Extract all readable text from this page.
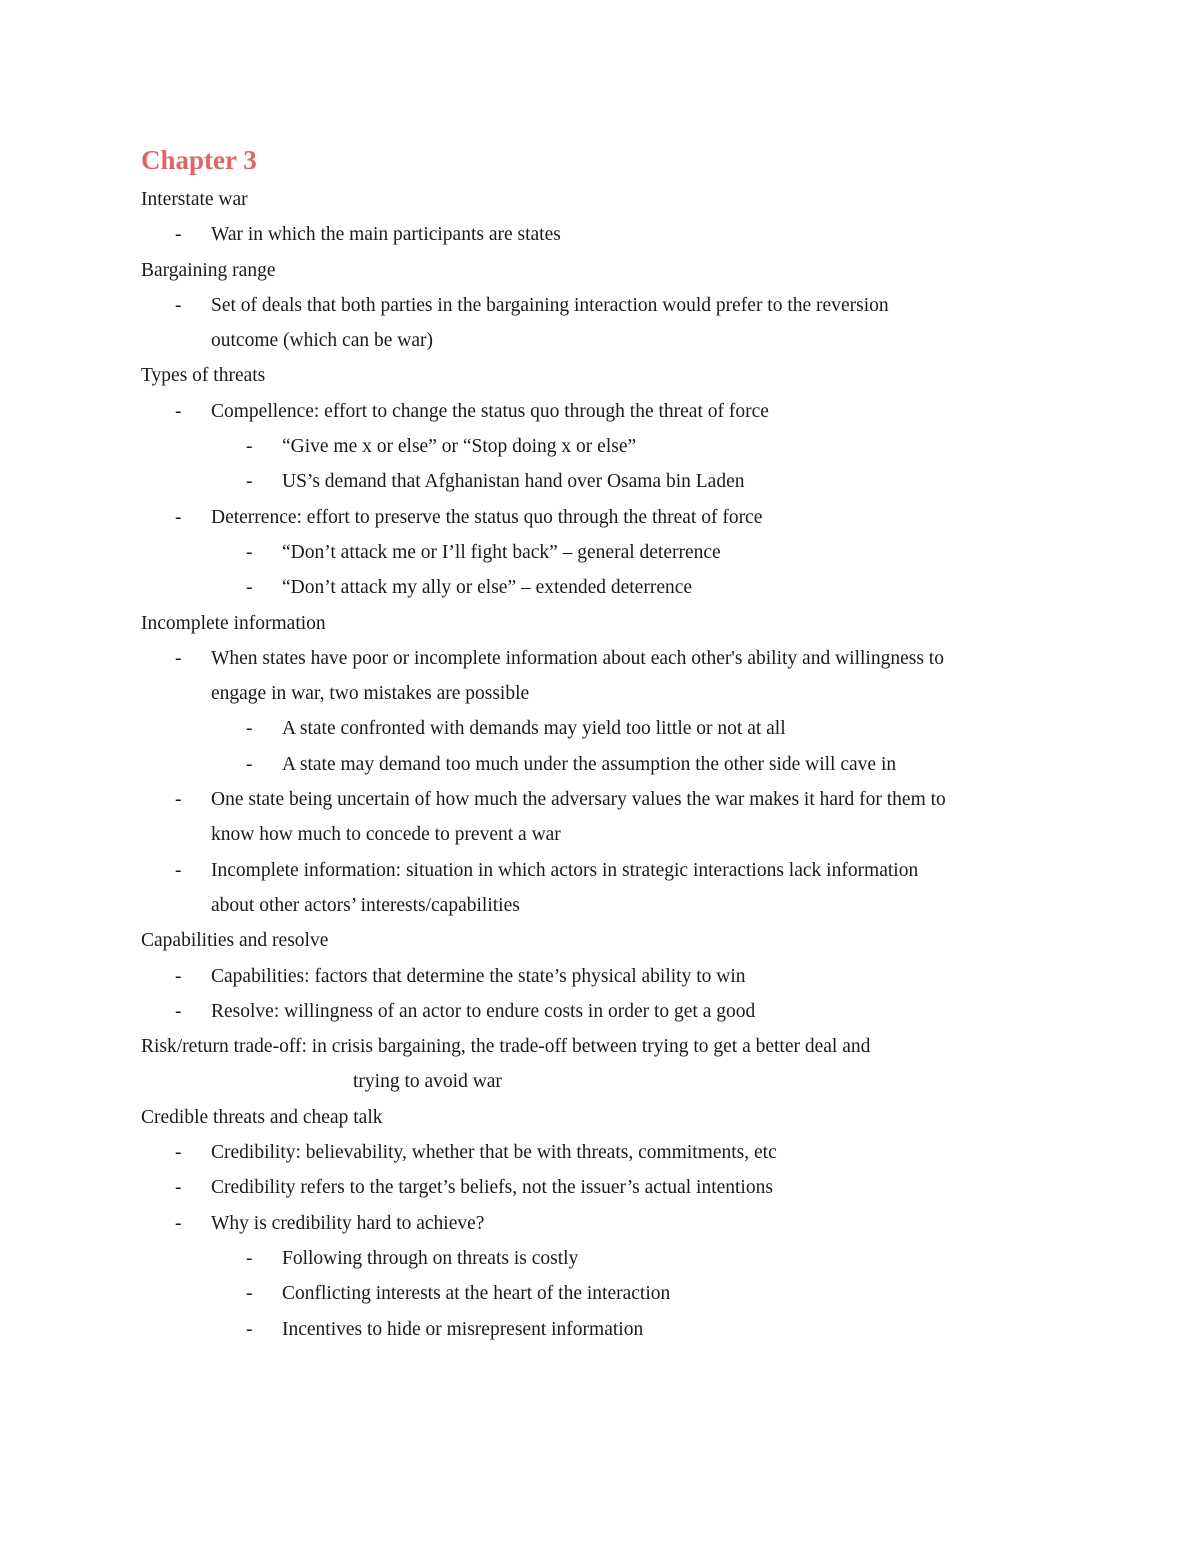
Chapter 3
Interstate war
- War in which the main participants are states
Bargaining range
- Set of deals that both parties in the bargaining interaction would prefer to the reversion
outcome (which can be war)
Types of threats
- Compellence: effort to change the status quo through the threat of force
- “Give me x or else” or “Stop doing x or else”
- US’s demand that Afghanistan hand over Osama bin Laden
- Deterrence: effort to preserve the status quo through the threat of force
- “Don’t attack me or I’ll fight back” – general deterrence
- “Don’t attack my ally or else” – extended deterrence
Incomplete information
- When states have poor or incomplete information about each other's ability and willingness to
engage in war, two mistakes are possible
- A state confronted with demands may yield too little or not at all
- A state may demand too much under the assumption the other side will cave in
- One state being uncertain of how much the adversary values the war makes it hard for them to
know how much to concede to prevent a war
- Incomplete information: situation in which actors in strategic interactions lack information
about other actors’ interests/capabilities
Capabilities and resolve
- Capabilities: factors that determine the state’s physical ability to win
- Resolve: willingness of an actor to endure costs in order to get a good
Risk/return trade-off: in crisis bargaining, the trade-off between trying to get a better deal and
trying to avoid war
Credible threats and cheap talk
- Credibility: believability, whether that be with threats, commitments, etc
- Credibility refers to the target’s beliefs, not the issuer’s actual intentions
- Why is credibility hard to achieve?
- Following through on threats is costly
- Conflicting interests at the heart of the interaction
- Incentives to hide or misrepresent information
